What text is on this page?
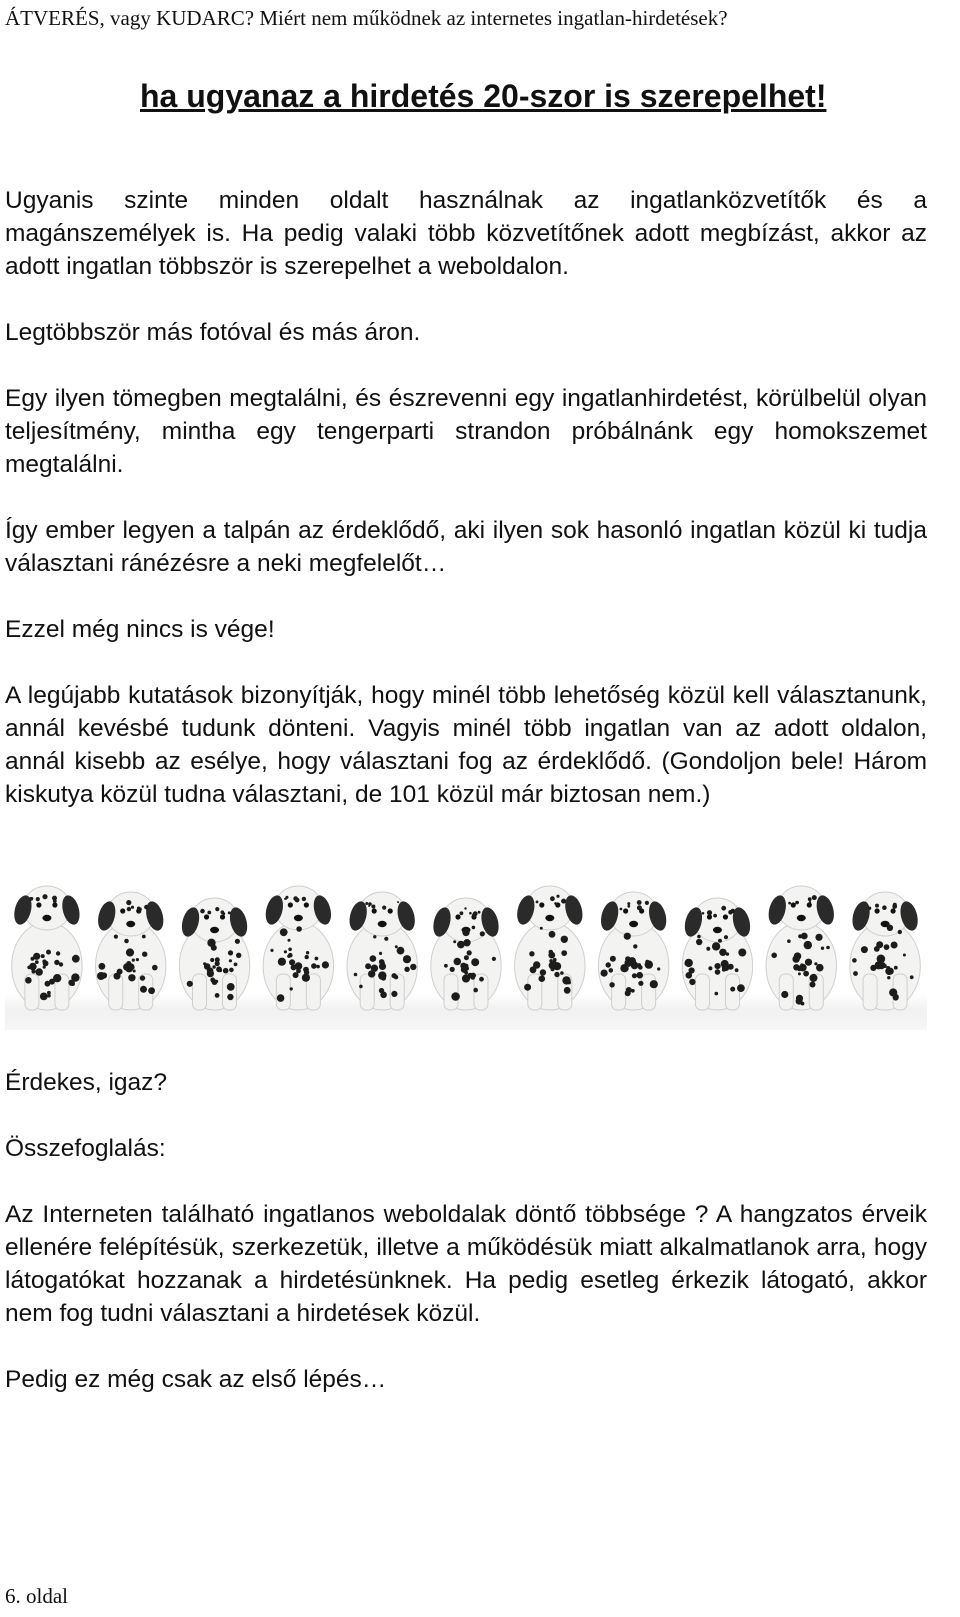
ÁTVERÉS, vagy KUDARC? Miért nem működnek az internetes ingatlan-hirdetések?
ha ugyanaz a hirdetés 20-szor is szerepelhet!

Ugyanis szinte minden oldalt használnak az ingatlanközvetítők és a magánszemélyek is. Ha pedig valaki több közvetítőnek adott megbízást, akkor az adott ingatlan többször is szerepelhet a weboldalon.

Legtöbbször más fotóval és más áron.

Egy ilyen tömegben megtalálni, és észrevenni egy ingatlanhirdetést, körülbelül olyan teljesítmény, mintha egy tengerparti strandon próbálnánk egy homokszemet megtalálni.

Így ember legyen a talpán az érdeklődő, aki ilyen sok hasonló ingatlan közül ki tudja választani ránézésre a neki megfelelőt…

Ezzel még nincs is vége!

A legújabb kutatások bizonyítják, hogy minél több lehetőség közül kell választanunk, annál kevésbé tudunk dönteni. Vagyis minél több ingatlan van az adott oldalon, annál kisebb az esélye, hogy választani fog az érdeklődő. (Gondoljon bele! Három kiskutya közül tudna választani, de 101 közül már biztosan nem.)

Érdekes, igaz?

Összefoglalás:

Az Interneten található ingatlanos weboldalak döntő többsége ? A hangzatos érveik ellenére felépítésük, szerkezetük, illetve a működésük miatt alkalmatlanok arra, hogy látogatókat hozzanak a hirdetésünknek. Ha pedig esetleg érkezik látogató, akkor nem fog tudni választani a hirdetések közül.

Pedig ez még csak az első lépés…

6. oldal
